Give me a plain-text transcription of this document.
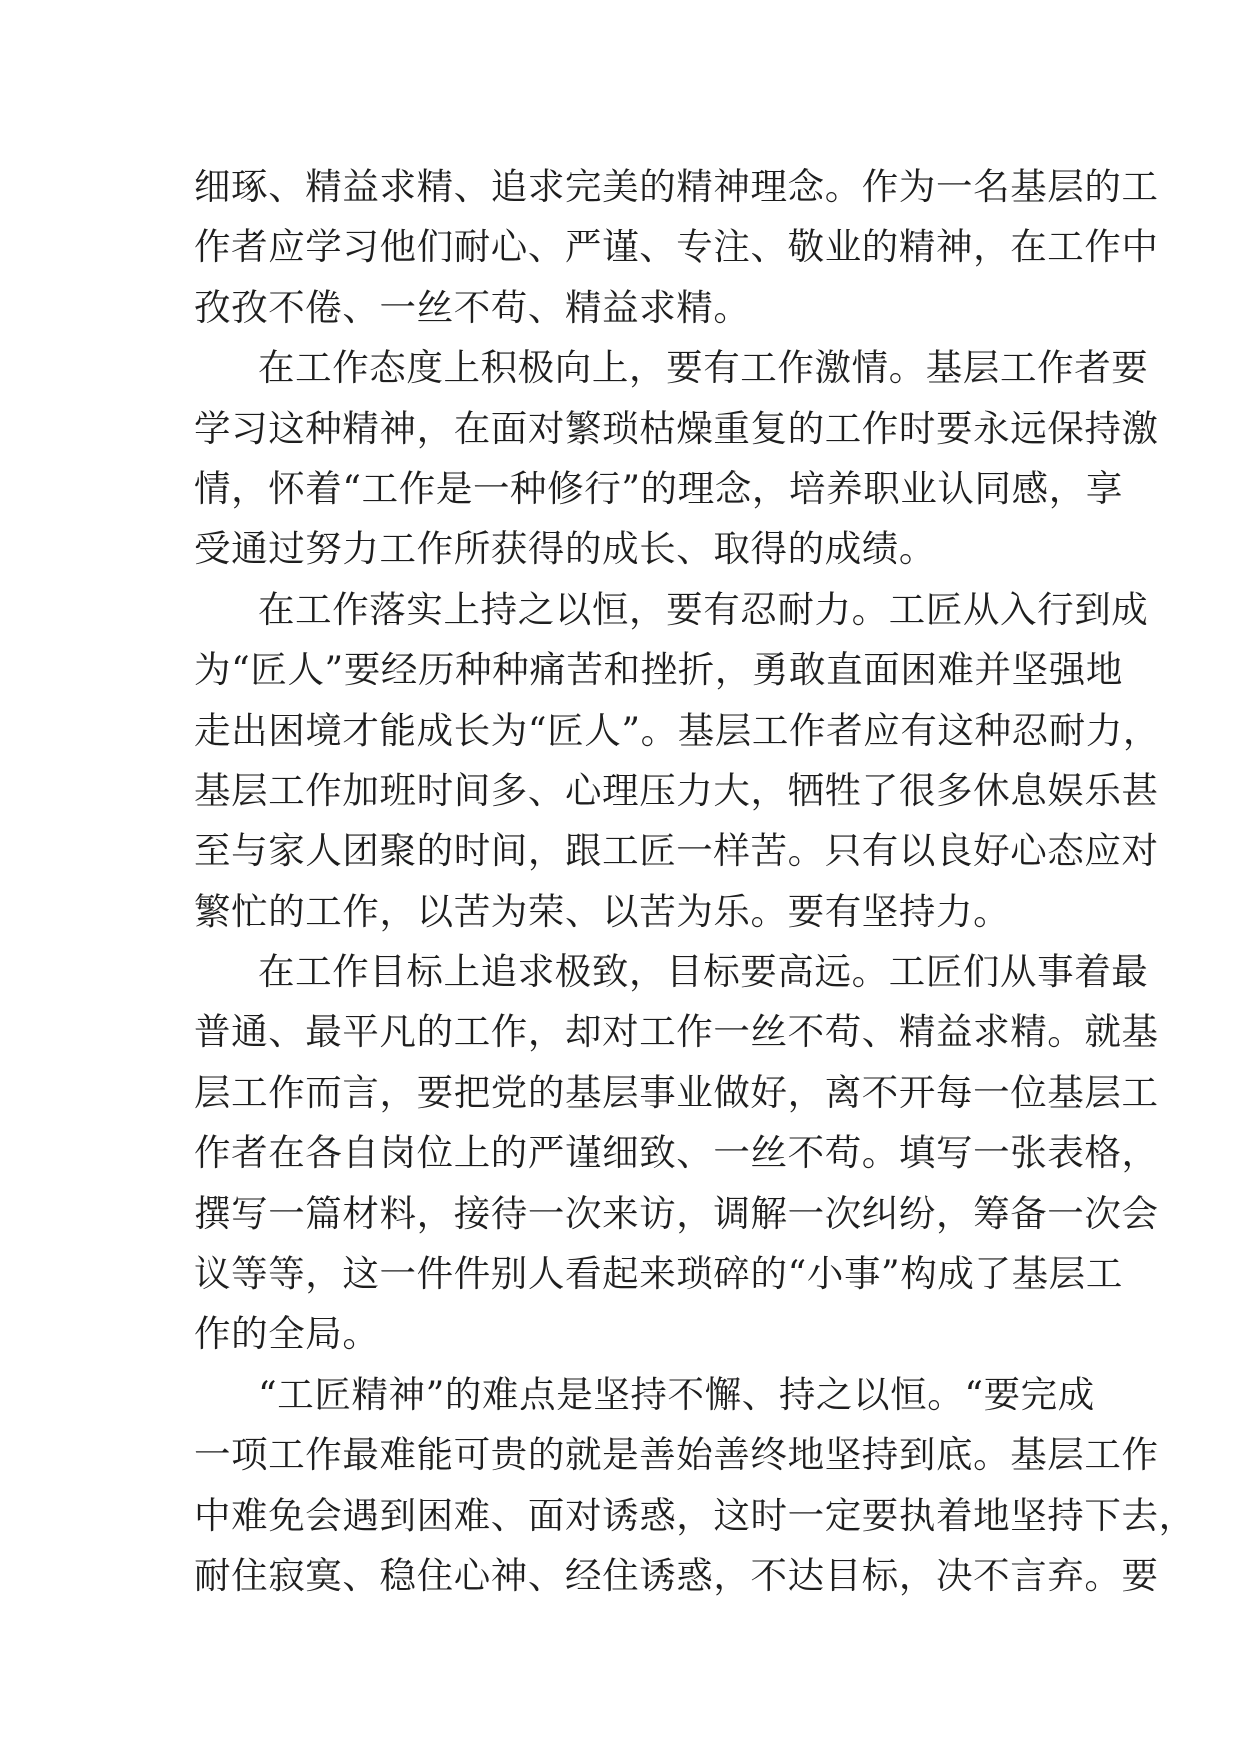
细琢、精益求精、追求完美的精神理念。作为一名基层的工
作者应学习他们耐心、严谨、专注、敬业的精神，在工作中
孜孜不倦、一丝不苟、精益求精。
在工作态度上积极向上，要有工作激情。基层工作者要
学习这种精神，在面对繁琐枯燥重复的工作时要永远保持激
情，怀着“工作是一种修行”的理念，培养职业认同感，享
受通过努力工作所获得的成长、取得的成绩。
在工作落实上持之以恒，要有忍耐力。工匠从入行到成
为“匠人”要经历种种痛苦和挫折，勇敢直面困难并坚强地
走出困境才能成长为“匠人”。基层工作者应有这种忍耐力，
基层工作加班时间多、心理压力大，牺牲了很多休息娱乐甚
至与家人团聚的时间，跟工匠一样苦。只有以良好心态应对
繁忙的工作，以苦为荣、以苦为乐。要有坚持力。
在工作目标上追求极致，目标要高远。工匠们从事着最
普通、最平凡的工作，却对工作一丝不苟、精益求精。就基
层工作而言，要把党的基层事业做好，离不开每一位基层工
作者在各自岗位上的严谨细致、一丝不苟。填写一张表格，
撰写一篇材料，接待一次来访，调解一次纠纷，筹备一次会
议等等，这一件件别人看起来琐碎的“小事”构成了基层工
作的全局。
“工匠精神”的难点是坚持不懈、持之以恒。“要完成
一项工作最难能可贵的就是善始善终地坚持到底。基层工作
中难免会遇到困难、面对诱惑，这时一定要执着地坚持下去，
耐住寂寞、稳住心神、经住诱惑，不达目标，决不言弃。要
